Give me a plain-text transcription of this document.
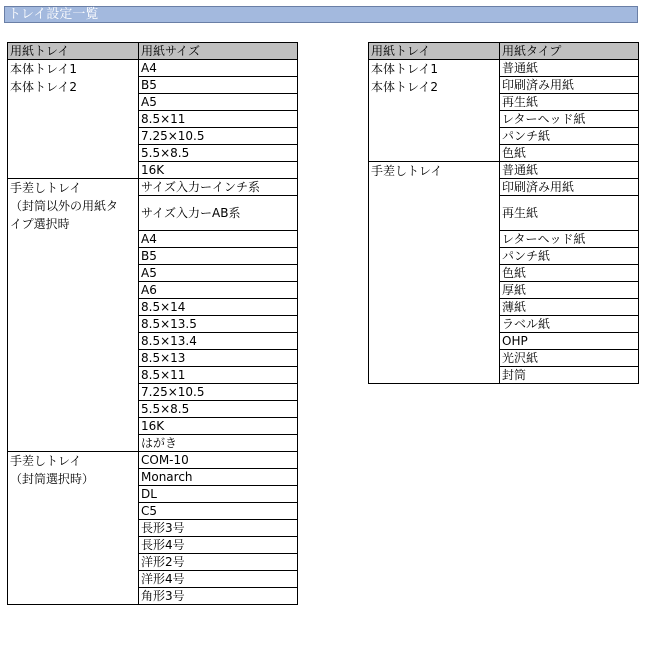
トレイ設定一覧
用紙トレイ	用紙サイズ

本体トレイ1
本体トレイ2	A4
	B5
	A5
	8.5×11
	7.25×10.5
	5.5×8.5
	16K

手差しトレイ
（封筒以外の用紙タ
イプ選択時	サイズ入力ーインチ系
	サイズ入力ーAB系
	A4
	B5
	A5
	A6
	8.5×14
	8.5×13.5
	8.5×13.4
	8.5×13
	8.5×11
	7.25×10.5
	5.5×8.5
	16K
	はがき

手差しトレイ
（封筒選択時）	COM-10
	Monarch
	DL
	C5
	長形3号
	長形4号
	洋形2号
	洋形4号
	角形3号
用紙トレイ	用紙タイプ

本体トレイ1
本体トレイ2	普通紙
	印刷済み用紙
	再生紙
	レターヘッド紙
	パンチ紙
	色紙

手差しトレイ	普通紙
	印刷済み用紙
	再生紙
	レターヘッド紙
	パンチ紙
	色紙
	厚紙
	薄紙
	ラベル紙
	OHP
	光沢紙
	封筒
